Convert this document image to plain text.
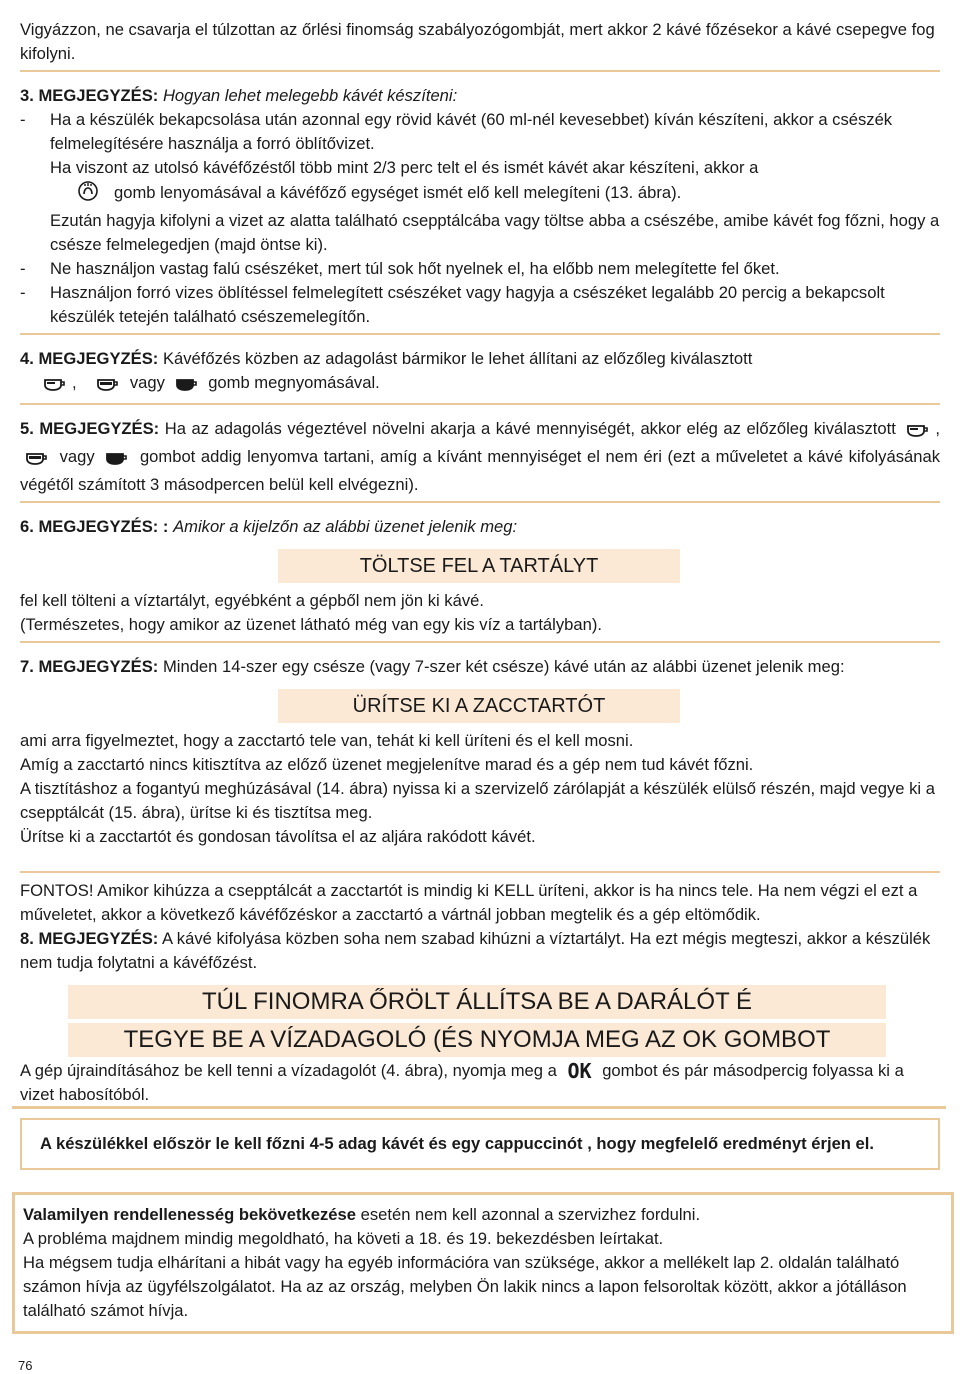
Vigyázzon, ne csavarja el túlzottan az őrlési finomság szabályozógombját, mert akkor 2 kávé főzésekor a kávé csepegve fog kifolyni.

3. MEGJEGYZÉS: Hogyan lehet melegebb kávét készíteni:

- Ha a készülék bekapcsolása után azonnal egy rövid kávét (60 ml-nél kevesebbet) kíván készíteni, akkor a csészék felmelegítésére használja a forró öblítővizet.

Ha viszont az utolsó kávéfőzéstől több mint 2/3 perc telt el és ismét kávét akar készíteni, akkor a
gomb lenyomásával a kávéfőző egységet ismét elő kell melegíteni (13. ábra).

Ezután hagyja kifolyni a vizet az alatta található csepptálcába vagy töltse abba a csészébe, amibe kávét fog főzni, hogy a csésze felmelegedjen (majd öntse ki).

- Ne használjon vastag falú csészéket, mert túl sok hőt nyelnek el, ha előbb nem melegítette fel őket.

- Használjon forró vizes öblítéssel felmelegített csészéket vagy hagyja a csészéket legalább 20 percig a bekapcsolt készülék tetején található csészemelegítőn.

4. MEGJEGYZÉS: Kávéfőzés közben az adagolást bármikor le lehet állítani az előzőleg kiválasztott

,	vagy	gomb megnyomásával.

5. MEGJEGYZÉS: Ha az adagolás végeztével növelni akarja a kávé mennyiségét, akkor elég az előzőleg kiválasztott ,  vagy	gombot addig lenyomva tartani, amíg a kívánt mennyiséget el nem éri (ezt a műveletet a kávé kifolyásának végétől számított 3 másodpercen belül kell elvégezni).

6. MEGJEGYZÉS: : Amikor a kijelzőn az alábbi üzenet jelenik meg:

TÖLTSE FEL A TARTÁLYT

fel kell tölteni a víztartályt, egyébként a gépből nem jön ki kávé.

(Természetes, hogy amikor az üzenet látható még van egy kis víz a tartályban).

7. MEGJEGYZÉS: Minden 14-szer egy csésze (vagy 7-szer két csésze) kávé után az alábbi üzenet jelenik meg:

ÜRÍTSE KI A ZACCTARTÓT

ami arra figyelmeztet, hogy a zacctartó tele van, tehát ki kell üríteni és el kell mosni.

Amíg a zacctartó nincs kitisztítva az előző üzenet megjelenítve marad és a gép nem tud kávét főzni.

A tisztításhoz a fogantyú meghúzásával (14. ábra) nyissa ki a szervizelő zárólapját a készülék elülső részén, majd vegye ki a csepptálcát (15. ábra), ürítse ki és tisztítsa meg.

Ürítse ki a zacctartót és gondosan távolítsa el az aljára rakódott kávét.

FONTOS! Amikor kihúzza a csepptálcát a zacctartót is mindig ki KELL üríteni, akkor is ha nincs tele. Ha nem végzi el ezt a műveletet, akkor a következő kávéfőzéskor a zacctartó a vártnál jobban megtelik és a gép eltömődik.

8. MEGJEGYZÉS: A kávé kifolyása közben soha nem szabad kihúzni a víztartályt. Ha ezt mégis megteszi, akkor a készülék nem tudja folytatni a kávéfőzést.

TÚL FINOMRA ŐRÖLT ÁLLÍTSA BE A DARÁLÓT É
TEGYE BE A VÍZADAGOLÓ (ÉS NYOMJA MEG AZ OK GOMBOT

A gép újraindításához be kell tenni a vízadagolót (4. ábra), nyomja meg a OK gombot és pár másodpercig folyassa ki a vizet habosítóból.

A készülékkel először le kell főzni 4-5 adag kávét és egy cappuccinót , hogy megfelelő eredményt érjen el.

Valamilyen rendellenesség bekövetkezése esetén nem kell azonnal a szervizhez fordulni.

A probléma majdnem mindig megoldható, ha követi a 18. és 19. bekezdésben leírtakat.

Ha mégsem tudja elhárítani a hibát vagy ha egyéb információra van szüksége, akkor a mellékelt lap 2. oldalán található számon hívja az ügyfélszolgálatot. Ha az az ország, melyben Ön lakik nincs a lapon felsoroltak között, akkor a jótálláson található számot hívja.

76
